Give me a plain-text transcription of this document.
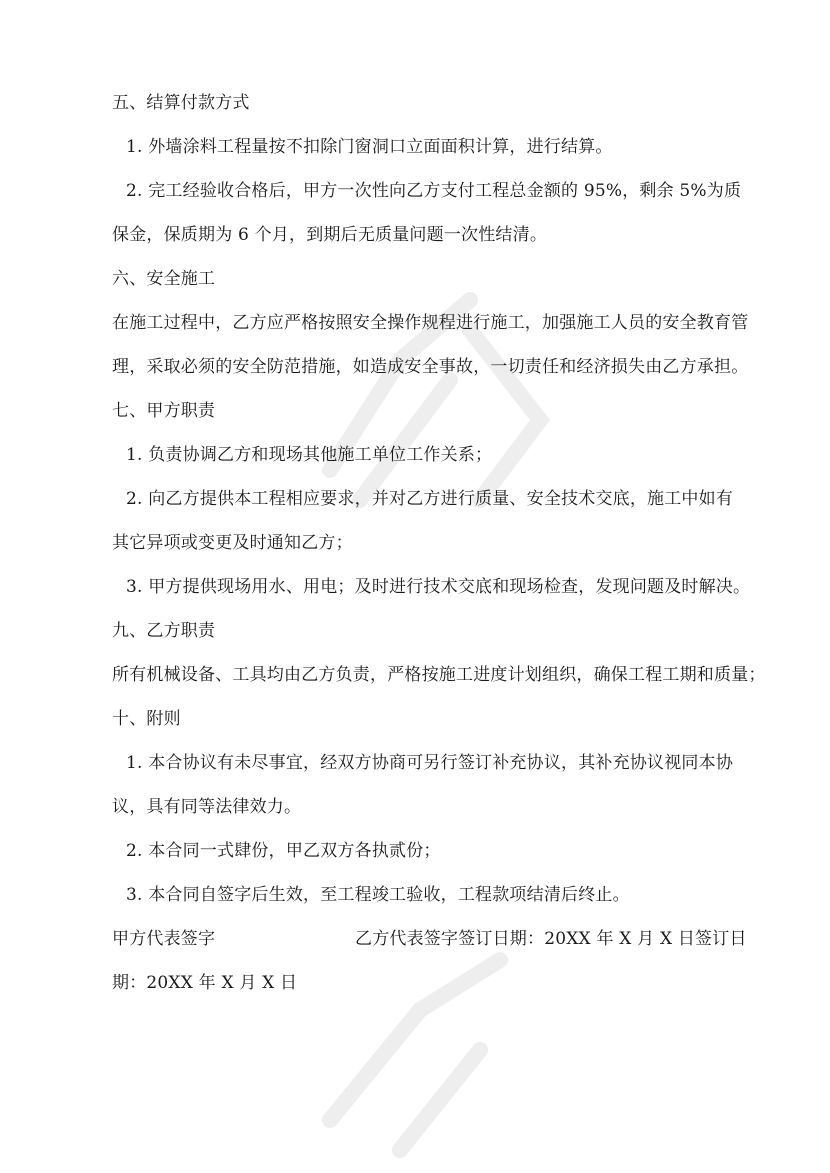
五、结算付款方式
1. 外墙涂料工程量按不扣除门窗洞口立面面积计算，进行结算。
2. 完工经验收合格后，甲方一次性向乙方支付工程总金额的 95%，剩余 5%为质
保金，保质期为 6 个月，到期后无质量问题一次性结清。
六、安全施工
在施工过程中，乙方应严格按照安全操作规程进行施工，加强施工人员的安全教育管
理，采取必须的安全防范措施，如造成安全事故，一切责任和经济损失由乙方承担。
七、甲方职责
1. 负责协调乙方和现场其他施工单位工作关系；
2. 向乙方提供本工程相应要求，并对乙方进行质量、安全技术交底，施工中如有
其它异项或变更及时通知乙方；
3. 甲方提供现场用水、用电；及时进行技术交底和现场检查，发现问题及时解决。
九、乙方职责
所有机械设备、工具均由乙方负责，严格按施工进度计划组织，确保工程工期和质量；
十、附则
1. 本合协议有未尽事宜，经双方协商可另行签订补充协议，其补充协议视同本协
议，具有同等法律效力。
2. 本合同一式肆份，甲乙双方各执贰份；
3. 本合同自签字后生效，至工程竣工验收，工程款项结清后终止。
甲方代表签字	乙方代表签字签订日期：20XX 年 X 月 X 日签订日
期：20XX 年 X 月 X 日
